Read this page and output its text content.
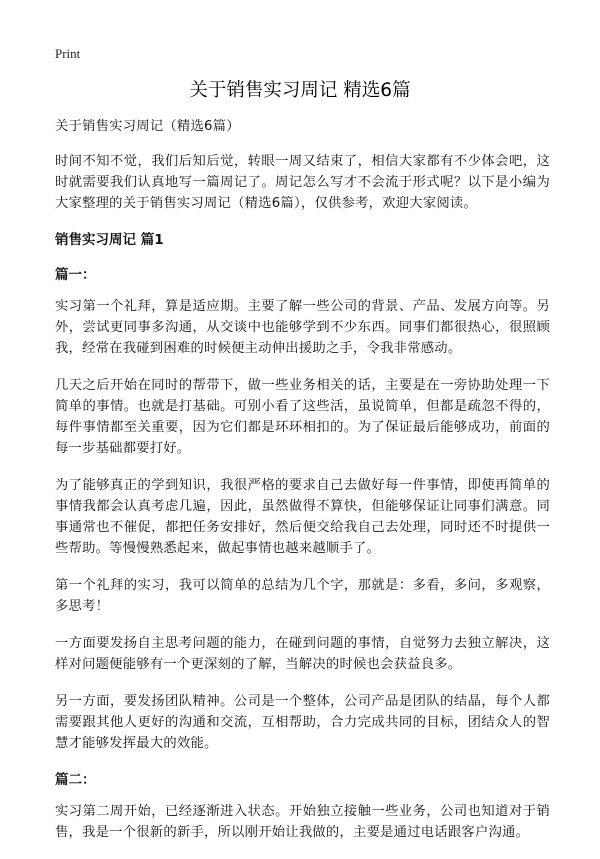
Print
关于销售实习周记 精选6篇

关于销售实习周记（精选6篇）

时间不知不觉，我们后知后觉，转眼一周又结束了，相信大家都有不少体会吧，这时就需要我们认真地写一篇周记了。周记怎么写才不会流于形式呢？以下是小编为大家整理的关于销售实习周记（精选6篇），仅供参考，欢迎大家阅读。

销售实习周记 篇1
篇一：

实习第一个礼拜，算是适应期。主要了解一些公司的背景、产品、发展方向等。另外，尝试更同事多沟通，从交谈中也能够学到不少东西。同事们都很热心，很照顾我，经常在我碰到困难的时候便主动伸出援助之手，令我非常感动。

几天之后开始在同时的帮带下，做一些业务相关的话，主要是在一旁协助处理一下简单的事情。也就是打基础。可别小看了这些活，虽说简单，但都是疏忽不得的，每件事情都至关重要，因为它们都是环环相扣的。为了保证最后能够成功，前面的每一步基础都要打好。

为了能够真正的学到知识，我很严格的要求自己去做好每一件事情，即使再简单的事情我都会认真考虑几遍，因此，虽然做得不算快，但能够保证让同事们满意。同事通常也不催促，都把任务安排好，然后便交给我自己去处理，同时还不时提供一些帮助。等慢慢熟悉起来，做起事情也越来越顺手了。

第一个礼拜的实习，我可以简单的总结为几个字，那就是：多看，多问，多观察，多思考！

一方面要发扬自主思考问题的能力，在碰到问题的事情，自觉努力去独立解决，这样对问题便能够有一个更深刻的了解，当解决的时候也会获益良多。

另一方面，要发扬团队精神。公司是一个整体，公司产品是团队的结晶，每个人都需要跟其他人更好的沟通和交流，互相帮助，合力完成共同的目标，团结众人的智慧才能够发挥最大的效能。

篇二：

实习第二周开始，已经逐渐进入状态。开始独立接触一些业务，公司也知道对于销售，我是一个很新的新手，所以刚开始让我做的，主要是通过电话跟客户沟通。
